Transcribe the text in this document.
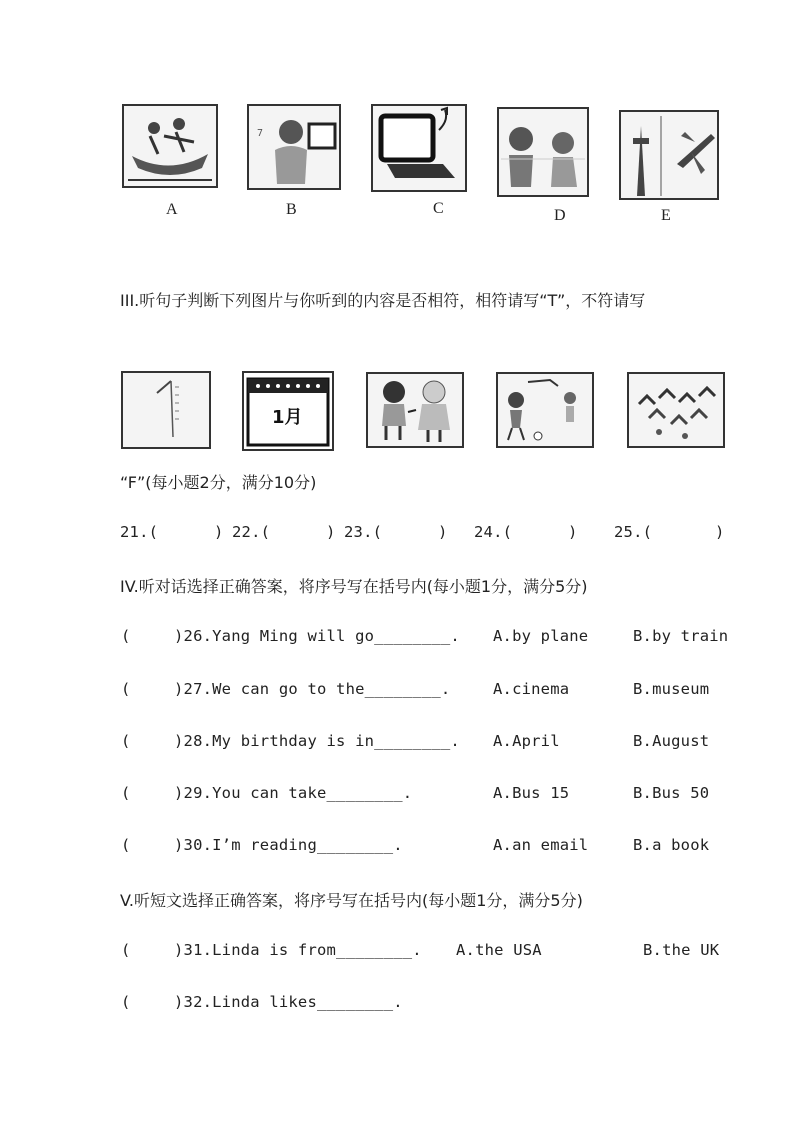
A
7
B	C	D	E
III.听句子判断下列图片与你听到的内容是否相符，相符请写“T”，不符请写
1月
“F”(每小题2分，满分10分)
21.(	) 22.(	) 23.(	) 24.(	) 25.(	)
IV.听对话选择正确答案，将序号写在括号内(每小题1分，满分5分)
(	)26.Yang Ming will go________. A.by plane	B.by train
(	)27.We can go to the________.	A.cinema	B.museum
(	)28.My birthday is in________. A.April	B.August
(	)29.You can take________.	A.Bus 15	B.Bus 50
(	)30.I’m reading________.	A.an email	B.a book
V.听短文选择正确答案，将序号写在括号内(每小题1分，满分5分)
(	)31.Linda is from________. A.the USA	B.the UK
(	)32.Linda likes________.
